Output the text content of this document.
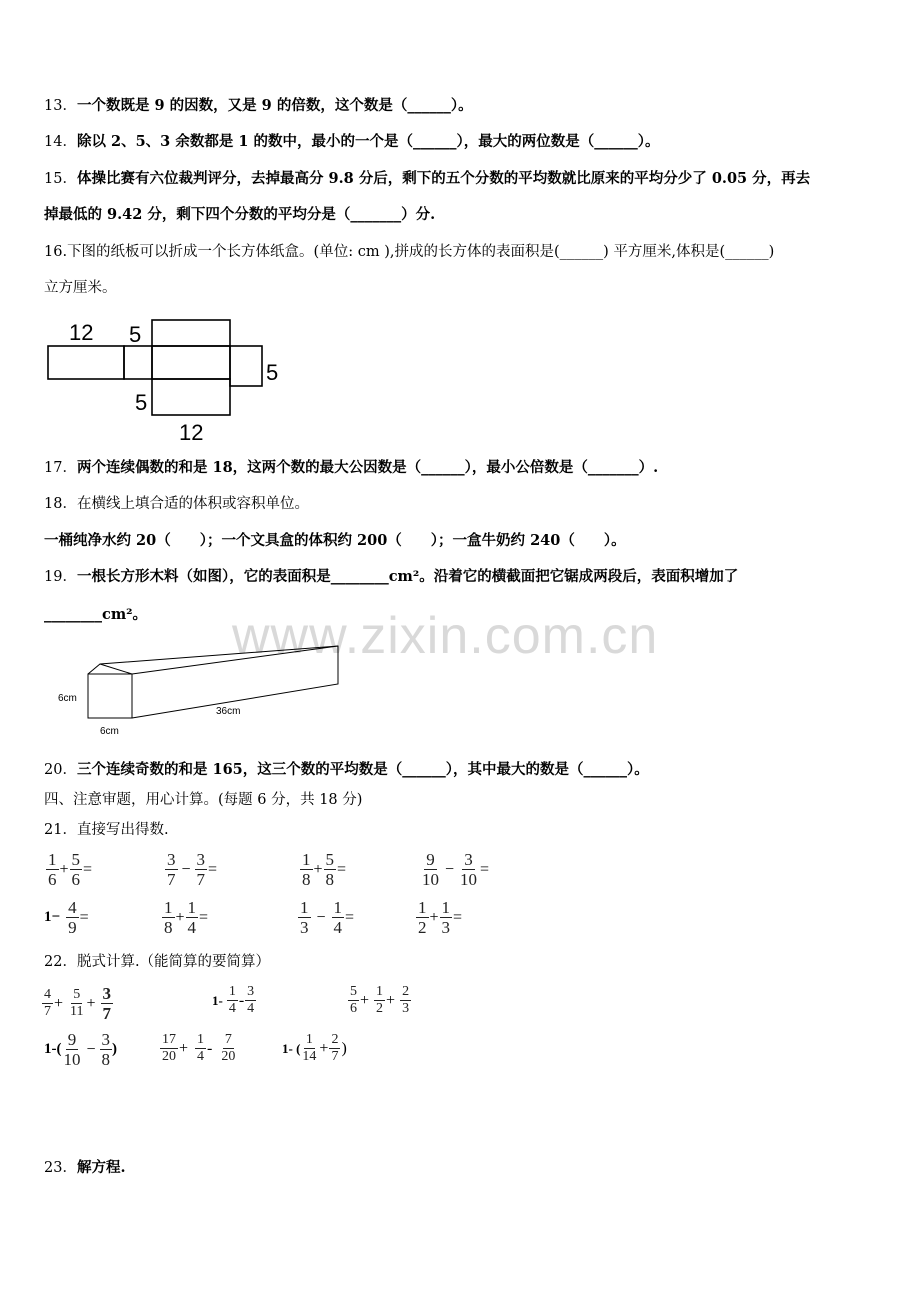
www.zixin.com.cn
13．一个数既是 9 的因数，又是 9 的倍数，这个数是（______）。
14．除以 2、5、3 余数都是 1 的数中，最小的一个是（______），最大的两位数是（______）。
15．体操比赛有六位裁判评分，去掉最高分 9.8 分后，剩下的五个分数的平均数就比原来的平均分少了 0.05 分，再去
掉最低的 9.42 分，剩下四个分数的平均分是（_______）分.
16.下图的纸板可以折成一个长方体纸盒。(单位: cm ),拼成的长方体的表面积是(______) 平方厘米,体积是(______)
立方厘米。
12 5
5
5
12
17．两个连续偶数的和是 18，这两个数的最大公因数是（______），最小公倍数是（_______）.
18．在横线上填合适的体积或容积单位。
一桶纯净水约 20（　　）；一个文具盒的体积约 200（　　）；一盒牛奶约 240（　　）。
19．一根长方形木料（如图），它的表面积是________cm²。沿着它的横截面把它锯成两段后，表面积增加了
________cm²。
6cm
6cm
36cm
20．三个连续奇数的和是 165，这三个数的平均数是（______），其中最大的数是（______）。
四、注意审题，用心计算。(每题 6 分，共 18 分)
21．直接写出得数.
$\frac{1}{6} + \frac{5}{6}$ =	$\frac{3}{7} - \frac{3}{7}$ =	$\frac{1}{8} + \frac{5}{8}$ =	$\frac{9}{10} - \frac{3}{10}$ =
$1- \frac{4}{9}$ =	$\frac{1}{8} + \frac{1}{4}$ =	$\frac{1}{3} - \frac{1}{4}$ =	$\frac{1}{2} + \frac{1}{3}$ =
22．脱式计算.（能简算的要简算）
$\frac{4}{7} + \frac{5}{11} + \frac{3}{7}$	$1- \frac{1}{4} - \frac{3}{4}$	$\frac{5}{6} + \frac{1}{2} + \frac{2}{3}$
$1-( \frac{9}{10} - \frac{3}{8}$ )	$\frac{17}{20} + \frac{1}{4} - \frac{7}{20}$	1- ( $\frac{1}{14} + \frac{2}{7}$ )
23．解方程.
